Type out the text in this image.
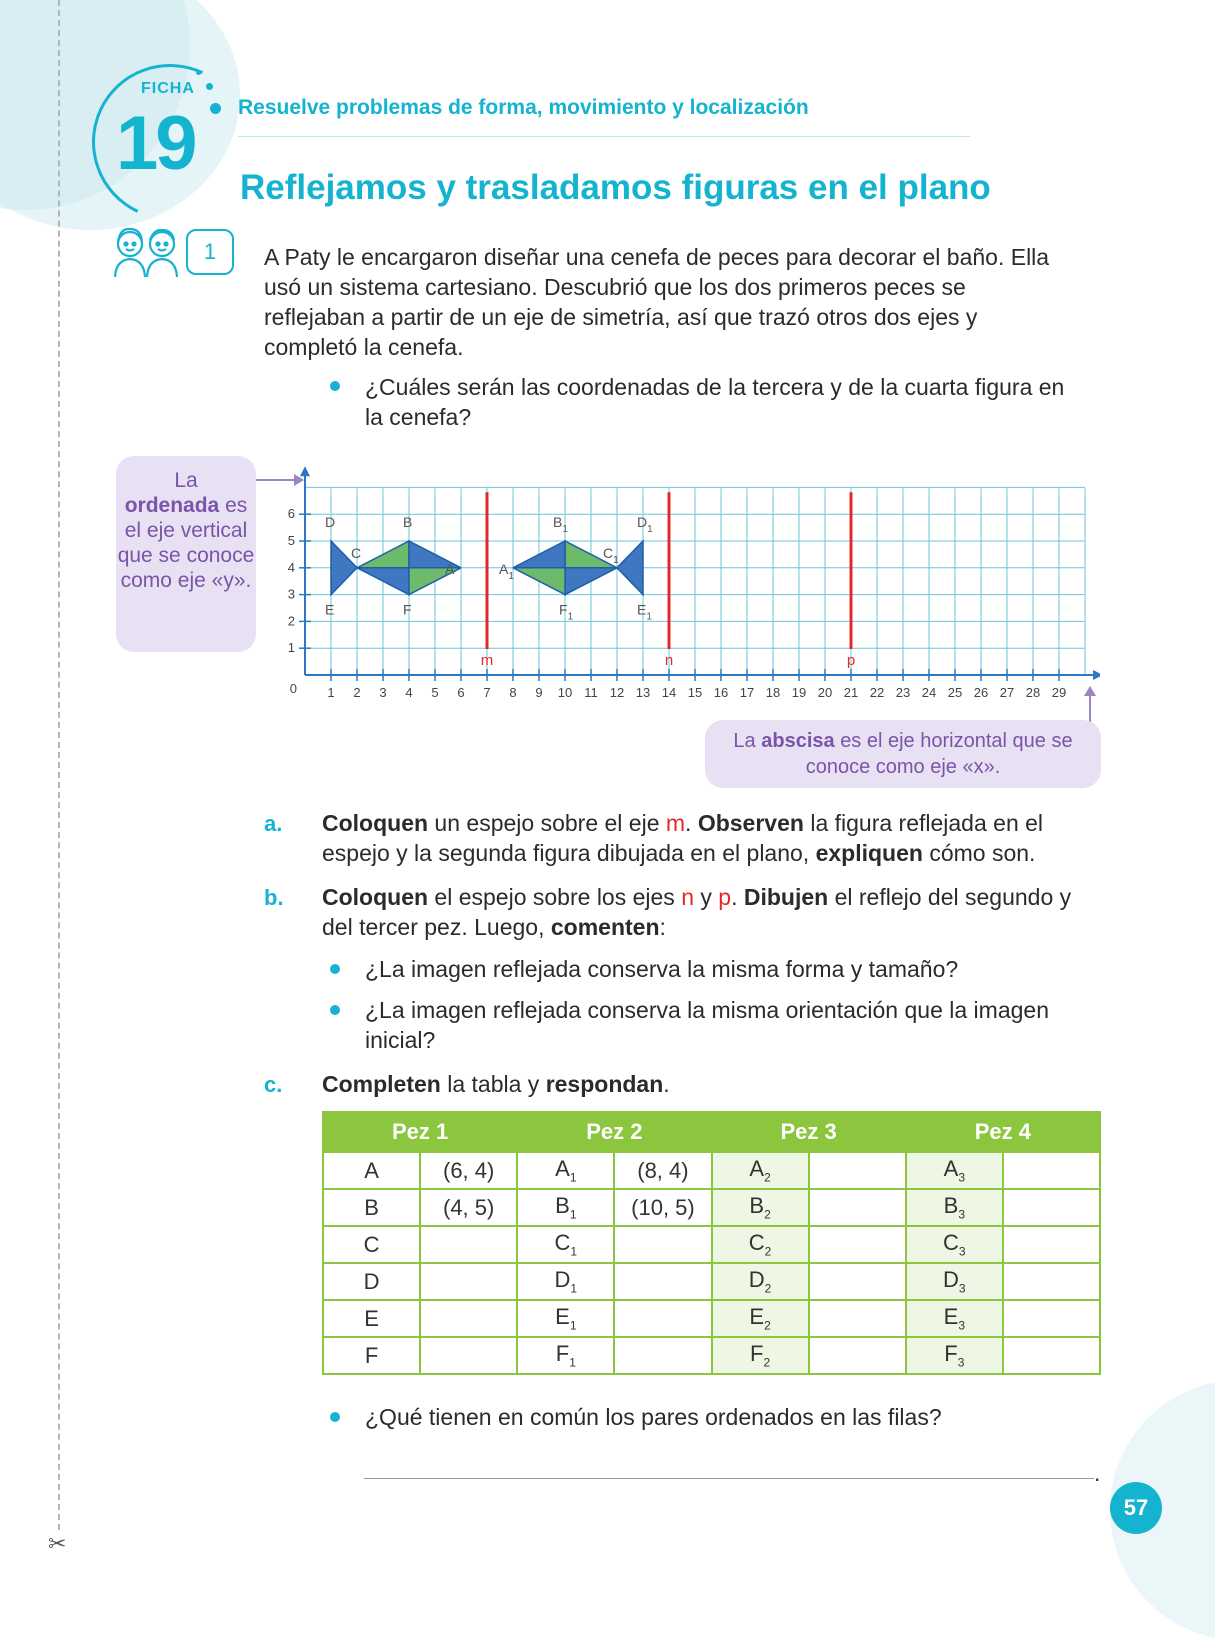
✂
FICHA
19 Resuelve problemas de forma, movimiento y localización
Reflejamos y trasladamos figuras en el plano
1	A Paty le encargaron diseñar una cenefa de peces para decorar el baño. Ella usó un sistema cartesiano. Descubrió que los dos primeros peces se reflejaban a partir de un eje de simetría, así que trazó otros dos ejes y completó la cenefa.
¿Cuáles serán las coordenadas de la tercera y de la cuarta figura en la cenefa?
La
ordenada es el eje vertical que se conoce como eje «y».
La abscisa es el eje horizontal que se conoce como eje «x».
1 2 3 4 5 6 7 8 9 10 11 12 13 14 15 16 17 18 19 20 21 22 23 24 25 26 27 28 29
1
2
3
4
5
6
0
A
B
C
D
E	F
$A_1$
$B_1$
$C_1$
$D_1$
$E_1$
$F_1$
m	n	p
a. Coloquen un espejo sobre el eje m. Observen la figura reflejada en el espejo y la segunda figura dibujada en el plano, expliquen cómo son.
b. Coloquen el espejo sobre los ejes n y p. Dibujen el reflejo del segundo y del tercer pez. Luego, comenten:
¿La imagen reflejada conserva la misma forma y tamaño?
¿La imagen reflejada conserva la misma orientación que la imagen inicial?
c. Completen la tabla y respondan.
Pez 1		Pez 2		Pez 3		Pez 4	
A	(6, 4)	$A_1$	(8, 4)	$A_2$		$A_3$	
B	(4, 5)	$B_1$	(10, 5)	$B_2$		$B_3$	
C		$C_1$		$C_2$		$C_3$	
D		$D_1$		$D_2$		$D_3$	
E		$E_1$		$E_2$		$E_3$	
F		$F_1$		$F_2$		$F_3$	
¿Qué tienen en común los pares ordenados en las filas?
.
57
